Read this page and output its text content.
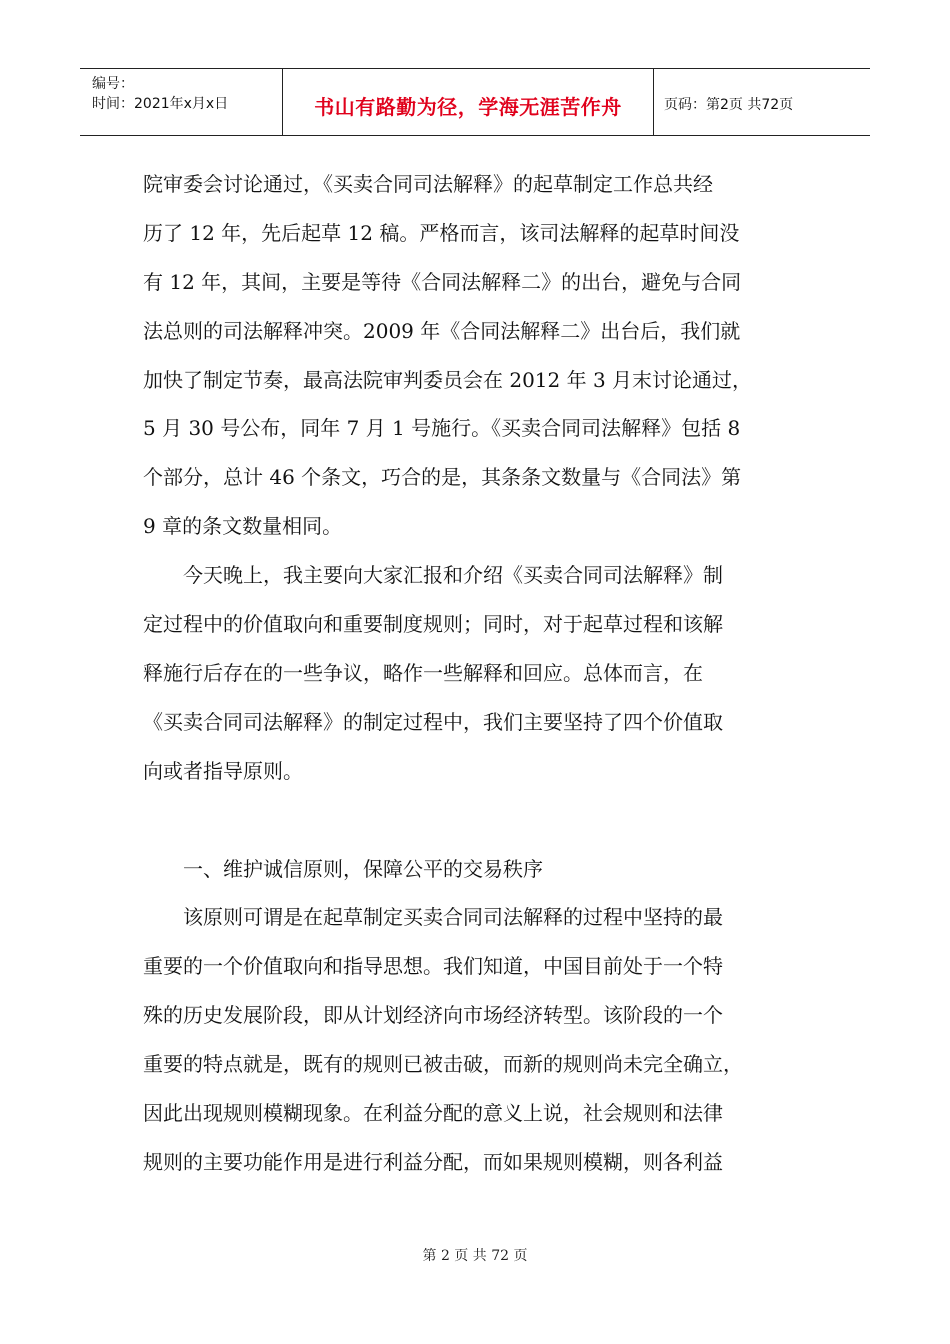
编号：
时间：2021年x月x日	书山有路勤为径，学海无涯苦作舟	页码：第2页 共72页
院审委会讨论通过，《买卖合同司法解释》的起草制定工作总共经
历了 12 年，先后起草 12 稿。严格而言，该司法解释的起草时间没
有 12 年，其间，主要是等待《合同法解释二》的出台，避免与合同
法总则的司法解释冲突。2009 年《合同法解释二》出台后，我们就
加快了制定节奏，最高法院审判委员会在 2012 年 3 月末讨论通过，
5 月 30 号公布，同年 7 月 1 号施行。《买卖合同司法解释》包括 8
个部分，总计 46 个条文，巧合的是，其条条文数量与《合同法》第
9 章的条文数量相同。
　　今天晚上，我主要向大家汇报和介绍《买卖合同司法解释》制
定过程中的价值取向和重要制度规则；同时，对于起草过程和该解
释施行后存在的一些争议，略作一些解释和回应。总体而言，在
《买卖合同司法解释》的制定过程中，我们主要坚持了四个价值取
向或者指导原则。
　　一、维护诚信原则，保障公平的交易秩序
　　该原则可谓是在起草制定买卖合同司法解释的过程中坚持的最
重要的一个价值取向和指导思想。我们知道，中国目前处于一个特
殊的历史发展阶段，即从计划经济向市场经济转型。该阶段的一个
重要的特点就是，既有的规则已被击破，而新的规则尚未完全确立，
因此出现规则模糊现象。在利益分配的意义上说，社会规则和法律
规则的主要功能作用是进行利益分配，而如果规则模糊，则各利益
第 2 页 共 72 页
